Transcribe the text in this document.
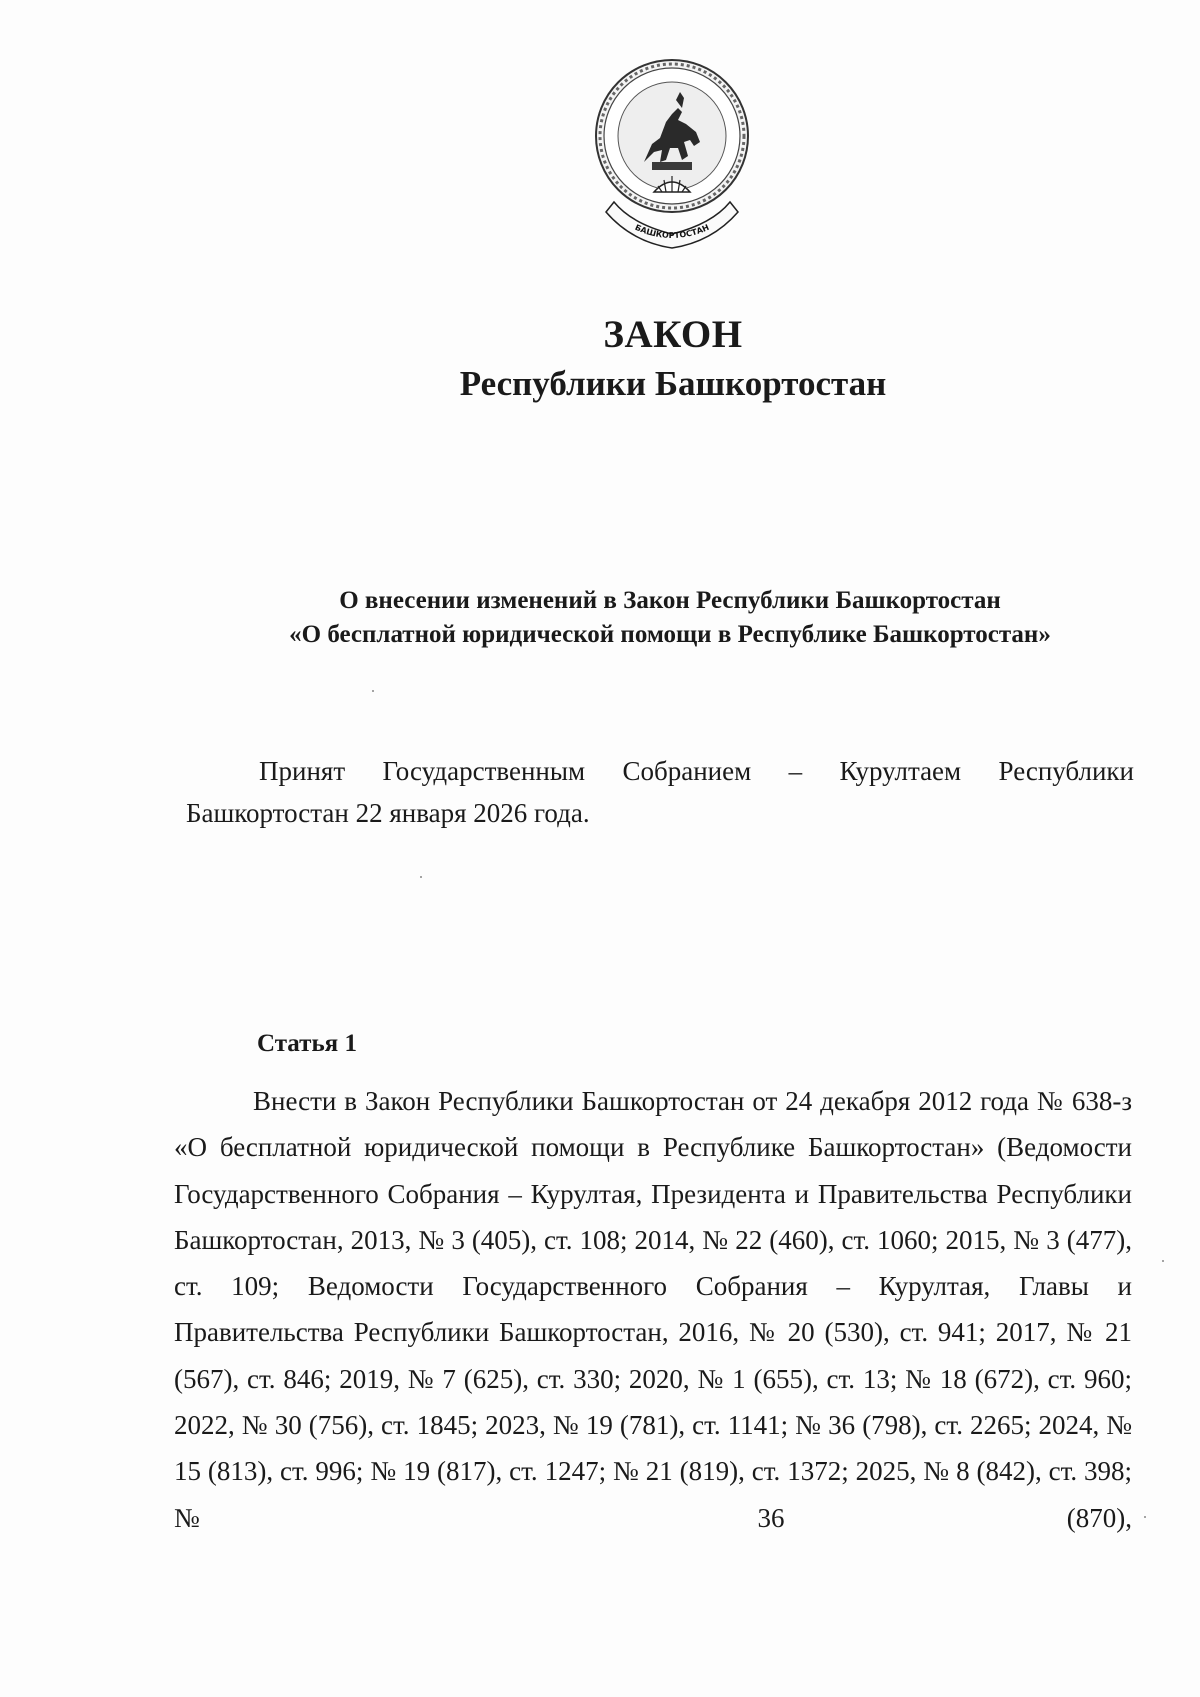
БАШКОРТОСТАН
ЗАКОН
Республики Башкортостан
О внесении изменений в Закон Республики Башкортостан
«О бесплатной юридической помощи в Республике Башкортостан»
Принят Государственным Собранием – Курултаем Республики Башкортостан 22 января 2026 года.
Статья 1
Внести в Закон Республики Башкортостан от 24 декабря 2012 года № 638-з «О бесплатной юридической помощи в Республике Башкортостан» (Ведомости Государственного Собрания – Курултая, Президента и Правительства Республики Башкортостан, 2013, № 3 (405), ст. 108; 2014, № 22 (460), ст. 1060; 2015, № 3 (477), ст. 109; Ведомости Государственного Собрания – Курултая, Главы и Правительства Республики Башкортостан, 2016, № 20 (530), ст. 941; 2017, № 21 (567), ст. 846; 2019, № 7 (625), ст. 330; 2020, № 1 (655), ст. 13; № 18 (672), ст. 960; 2022, № 30 (756), ст. 1845; 2023, № 19 (781), ст. 1141; № 36 (798), ст. 2265; 2024, № 15 (813), ст. 996; № 19 (817), ст. 1247; № 21 (819), ст. 1372; 2025, № 8 (842), ст. 398; № 36 (870),
